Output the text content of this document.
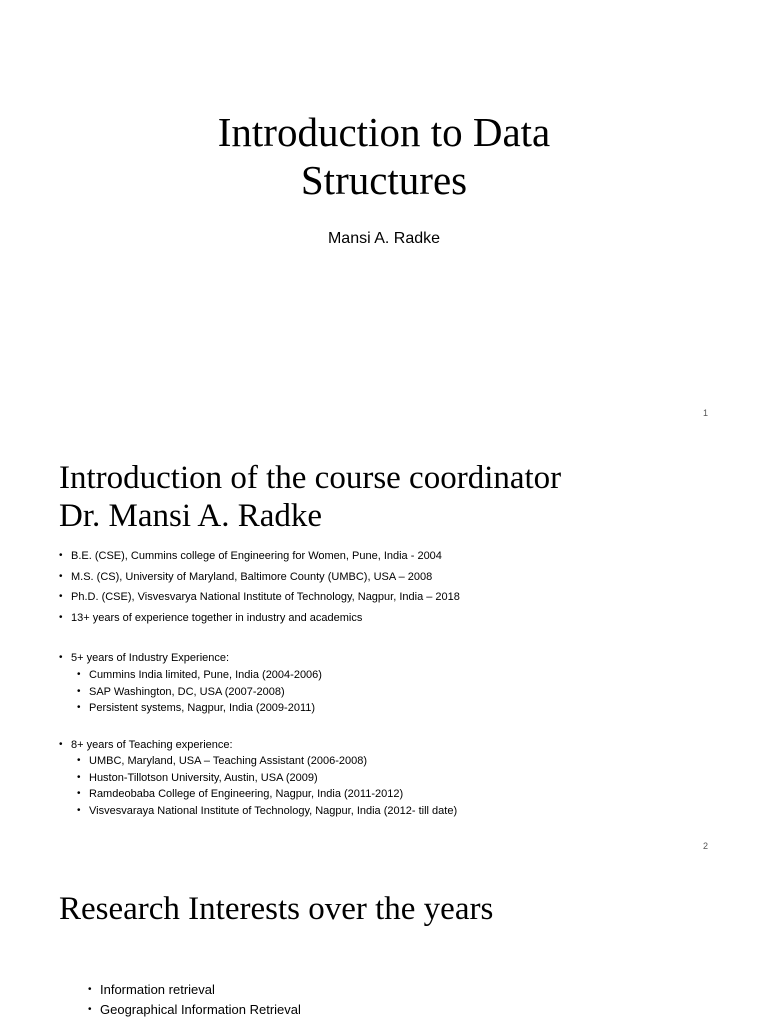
Introduction to Data
Structures
Mansi A. Radke
1
Introduction of the course coordinator
Dr. Mansi A. Radke
• B.E. (CSE), Cummins college of Engineering for Women, Pune, India - 2004
• M.S. (CS), University of Maryland, Baltimore County (UMBC), USA – 2008
• Ph.D. (CSE), Visvesvarya National Institute of Technology, Nagpur, India – 2018
• 13+ years of experience together in industry and academics
• 5+ years of Industry Experience:
• Cummins India limited, Pune, India (2004-2006)
• SAP Washington, DC, USA (2007-2008)
• Persistent systems, Nagpur, India (2009-2011)
• 8+ years of Teaching experience:
• UMBC, Maryland, USA – Teaching Assistant (2006-2008)
• Huston-Tillotson University, Austin, USA (2009)
• Ramdeobaba College of Engineering, Nagpur, India (2011-2012)
• Visvesvaraya National Institute of Technology, Nagpur, India (2012- till date)
2
Research Interests over the years
• Information retrieval
• Geographical Information Retrieval
